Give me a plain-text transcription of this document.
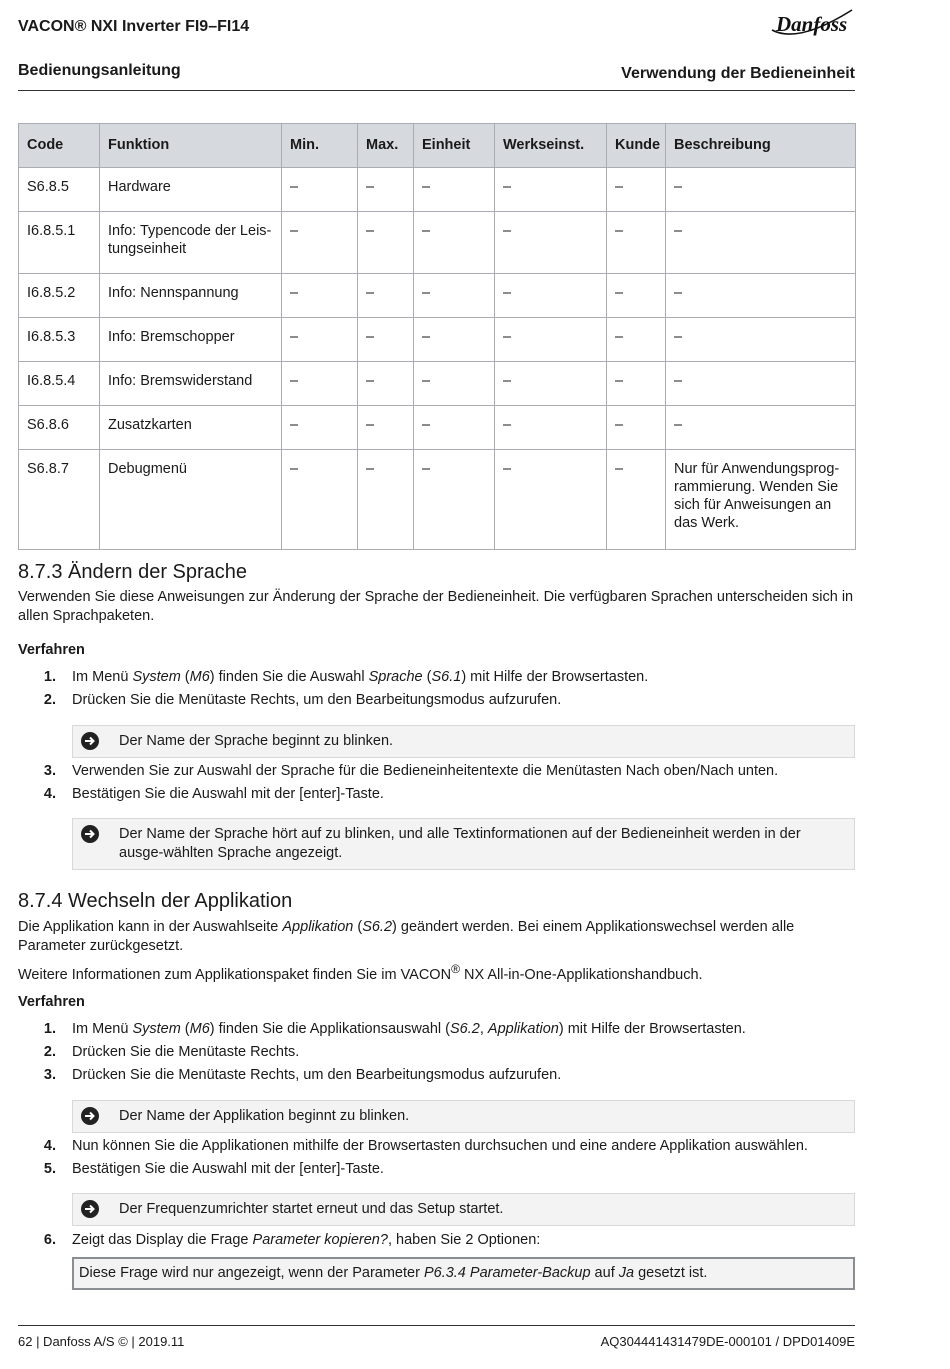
VACON® NXI Inverter FI9–FI14	Danfoss
Bedienungsanleitung	Verwendung der Bedieneinheit
Code	Funktion	Min.	Max.	Einheit	Werkseinst.	Kunde	Beschreibung
S6.8.5	Hardware	–	–	–	–	–	–
I6.8.5.1	Info: Typencode der Leis-tungseinheit	–	–	–	–	–	–
I6.8.5.2	Info: Nennspannung	–	–	–	–	–	–
I6.8.5.3	Info: Bremschopper	–	–	–	–	–	–
I6.8.5.4	Info: Bremswiderstand	–	–	–	–	–	–
S6.8.6	Zusatzkarten	–	–	–	–	–	–
S6.8.7	Debugmenü	–	–	–	–	–	Nur für Anwendungsprog-rammierung. Wenden Sie sich für Anweisungen an das Werk.
8.7.3 Ändern der Sprache

Verwenden Sie diese Anweisungen zur Änderung der Sprache der Bedieneinheit. Die verfügbaren Sprachen unterscheiden sich in allen Sprachpaketen.

Verfahren
1. Im Menü System (M6) finden Sie die Auswahl Sprache (S6.1) mit Hilfe der Browsertasten.
2. Drücken Sie die Menütaste Rechts, um den Bearbeitungsmodus aufzurufen.
Der Name der Sprache beginnt zu blinken.
3. Verwenden Sie zur Auswahl der Sprache für die Bedieneinheitentexte die Menütasten Nach oben/Nach unten.
4. Bestätigen Sie die Auswahl mit der [enter]-Taste.
Der Name der Sprache hört auf zu blinken, und alle Textinformationen auf der Bedieneinheit werden in der ausge-wählten Sprache angezeigt.
8.7.4 Wechseln der Applikation

Die Applikation kann in der Auswahlseite Applikation (S6.2) geändert werden. Bei einem Applikationswechsel werden alle Parameter zurückgesetzt.

Weitere Informationen zum Applikationspaket finden Sie im VACON® NX All-in-One-Applikationshandbuch.

Verfahren
1. Im Menü System (M6) finden Sie die Applikationsauswahl (S6.2, Applikation) mit Hilfe der Browsertasten.
2. Drücken Sie die Menütaste Rechts.
3. Drücken Sie die Menütaste Rechts, um den Bearbeitungsmodus aufzurufen.
Der Name der Applikation beginnt zu blinken.
4. Nun können Sie die Applikationen mithilfe der Browsertasten durchsuchen und eine andere Applikation auswählen.
5. Bestätigen Sie die Auswahl mit der [enter]-Taste.
Der Frequenzumrichter startet erneut und das Setup startet.
6. Zeigt das Display die Frage Parameter kopieren?, haben Sie 2 Optionen:
Diese Frage wird nur angezeigt, wenn der Parameter P6.3.4 Parameter-Backup auf Ja gesetzt ist.
62 | Danfoss A/S © | 2019.11	AQ304441431479DE-000101 / DPD01409E
